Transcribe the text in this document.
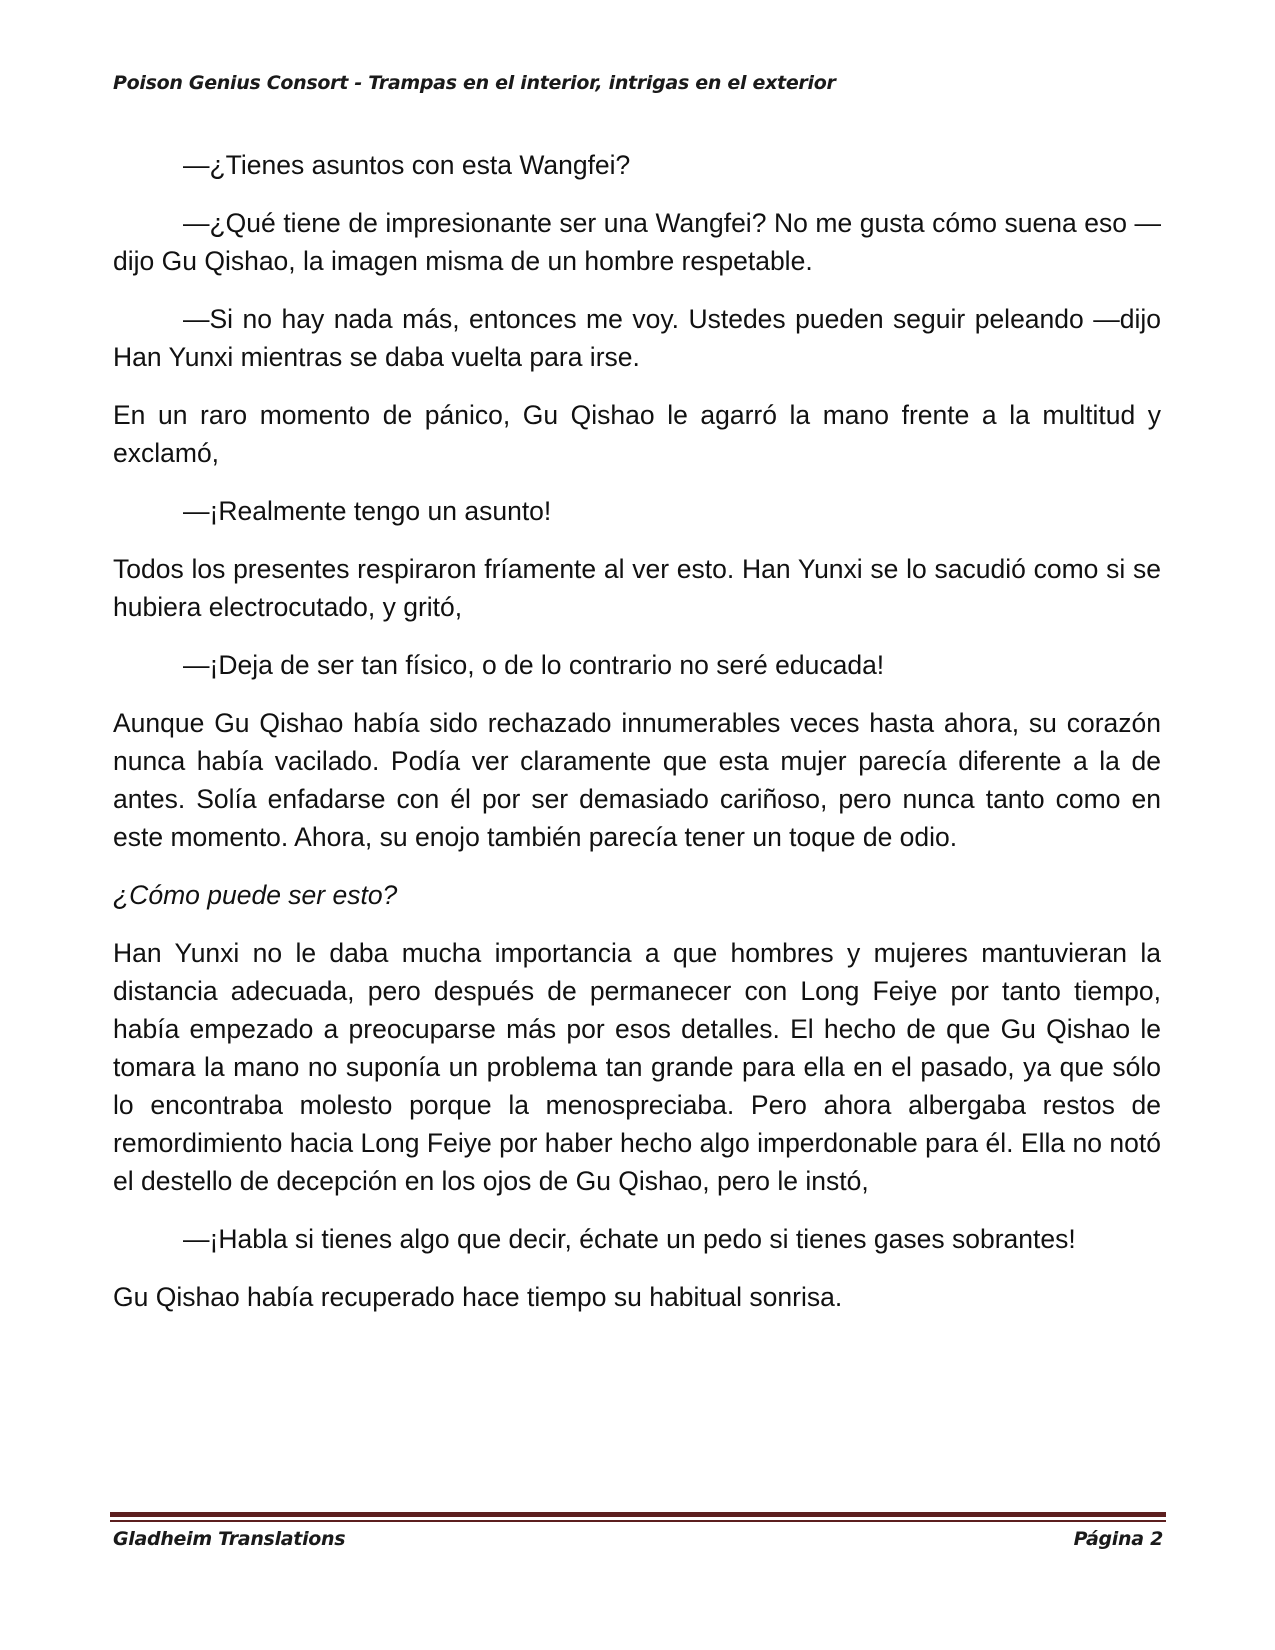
Poison Genius Consort - Trampas en el interior, intrigas en el exterior

—¿Tienes asuntos con esta Wangfei?

—¿Qué tiene de impresionante ser una Wangfei? No me gusta cómo suena eso —dijo Gu Qishao, la imagen misma de un hombre respetable.

—Si no hay nada más, entonces me voy. Ustedes pueden seguir peleando —dijo Han Yunxi mientras se daba vuelta para irse.

En un raro momento de pánico, Gu Qishao le agarró la mano frente a la multitud y exclamó,

—¡Realmente tengo un asunto!

Todos los presentes respiraron fríamente al ver esto. Han Yunxi se lo sacudió como si se hubiera electrocutado, y gritó,

—¡Deja de ser tan físico, o de lo contrario no seré educada!

Aunque Gu Qishao había sido rechazado innumerables veces hasta ahora, su corazón nunca había vacilado. Podía ver claramente que esta mujer parecía diferente a la de antes. Solía enfadarse con él por ser demasiado cariñoso, pero nunca tanto como en este momento. Ahora, su enojo también parecía tener un toque de odio.

¿Cómo puede ser esto?

Han Yunxi no le daba mucha importancia a que hombres y mujeres mantuvieran la distancia adecuada, pero después de permanecer con Long Feiye por tanto tiempo, había empezado a preocuparse más por esos detalles. El hecho de que Gu Qishao le tomara la mano no suponía un problema tan grande para ella en el pasado, ya que sólo lo encontraba molesto porque la menospreciaba. Pero ahora albergaba restos de remordimiento hacia Long Feiye por haber hecho algo imperdonable para él. Ella no notó el destello de decepción en los ojos de Gu Qishao, pero le instó,

—¡Habla si tienes algo que decir, échate un pedo si tienes gases sobrantes!

Gu Qishao había recuperado hace tiempo su habitual sonrisa.

Gladheim Translations	Página 2
